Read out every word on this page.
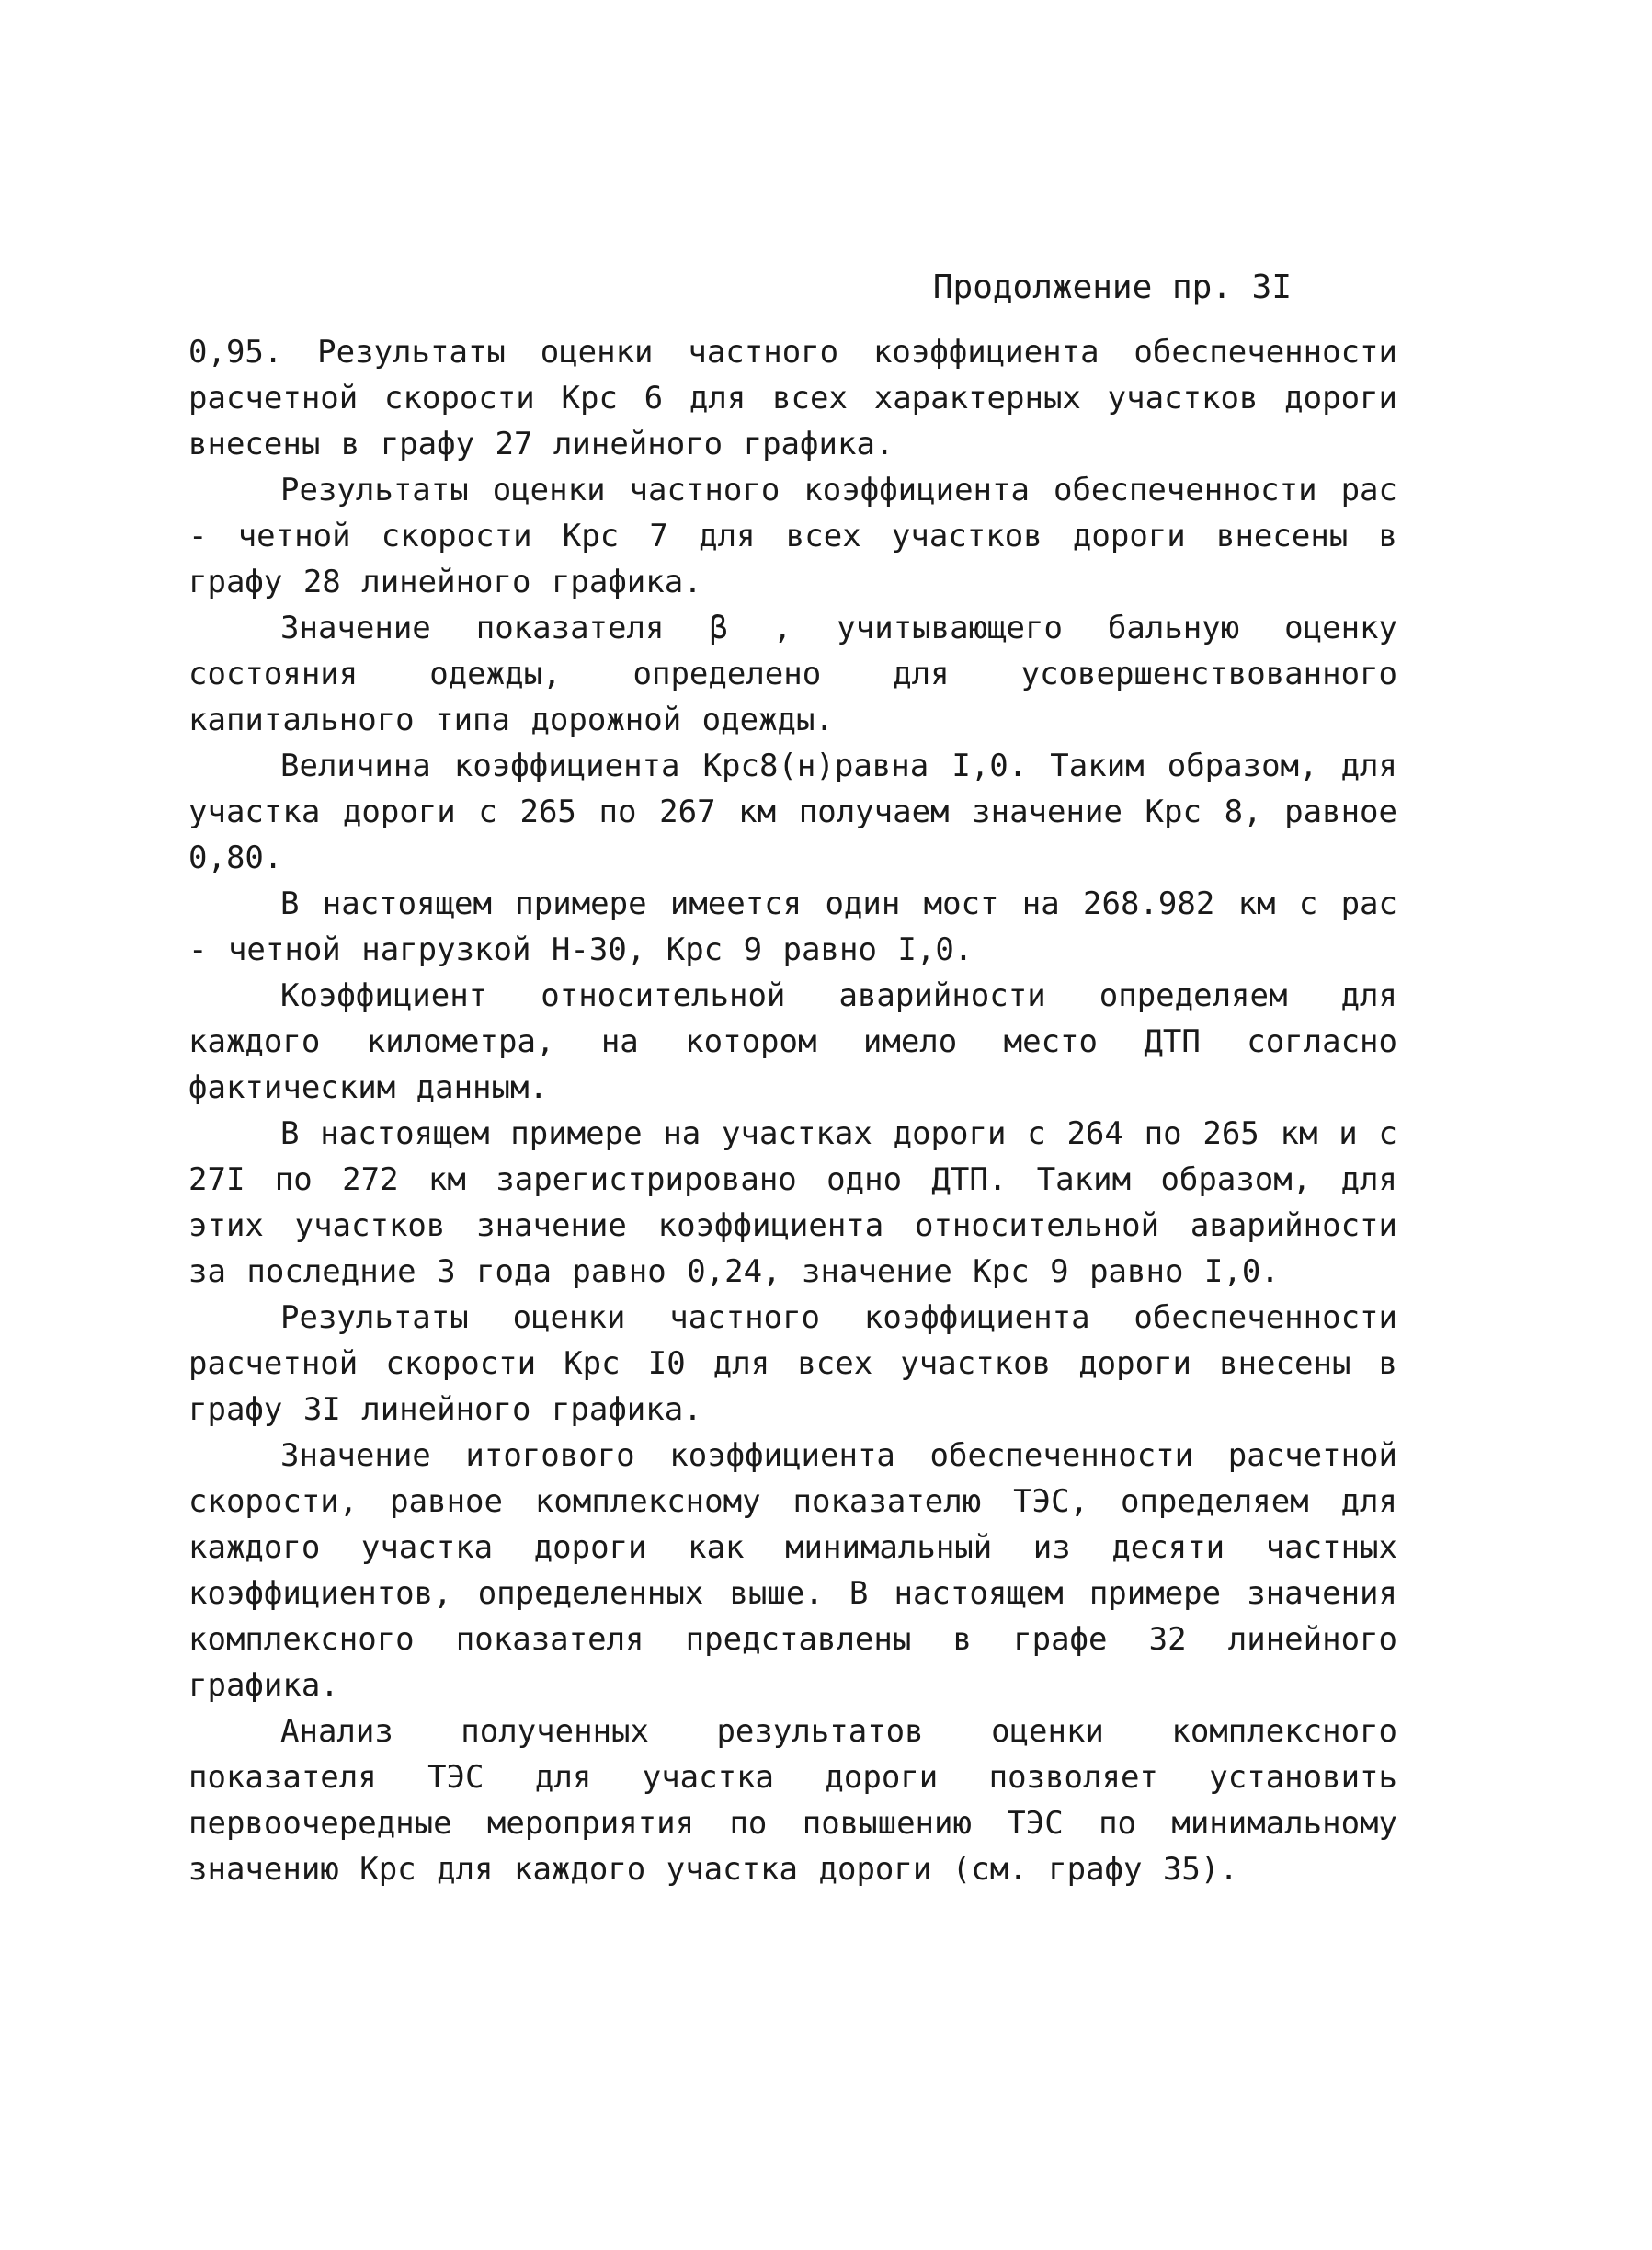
Продолжение пр. 3I

0,95. Результаты оценки частного коэффициента обеспеченности расчетной скорости Крс 6 для всех характерных участков дороги внесены в графу 27 линейного графика.

Результаты оценки частного коэффициента обеспеченности рас - четной скорости Крс 7 для всех участков дороги внесены в графу 28 линейного графика.

Значение показателя β , учитывающего бальную оценку состояния одежды, определено для усовершенствованного капитального типа дорожной одежды.

Величина коэффициента Крс8(н)равна I,0. Таким образом, для участка дороги с 265 по 267 км получаем значение Крс 8, равное 0,80.

В настоящем примере имеется один мост на 268.982 км с рас - четной нагрузкой Н-30, Крс 9 равно I,0.

Коэффициент относительной аварийности определяем для каждого километра, на котором имело место ДТП согласно фактическим данным.

В настоящем примере на участках дороги с 264 по 265 км и с 27I по 272 км зарегистрировано одно ДТП. Таким образом, для этих участков значение коэффициента относительной аварийности за последние 3 года равно 0,24, значение Крс 9 равно I,0.

Результаты оценки частного коэффициента обеспеченности расчетной скорости Крс I0 для всех участков дороги внесены в графу 3I линейного графика.

Значение итогового коэффициента обеспеченности расчетной скорости, равное комплексному показателю ТЭС, определяем для каждого участка дороги как минимальный из десяти частных коэффициентов, определенных выше. В настоящем примере значения комплексного показателя представлены в графе 32 линейного графика.

Анализ полученных результатов оценки комплексного показателя ТЭС для участка дороги позволяет установить первоочередные мероприятия по повышению ТЭС по минимальному значению Крс для каждого участка дороги (см. графу 35).
